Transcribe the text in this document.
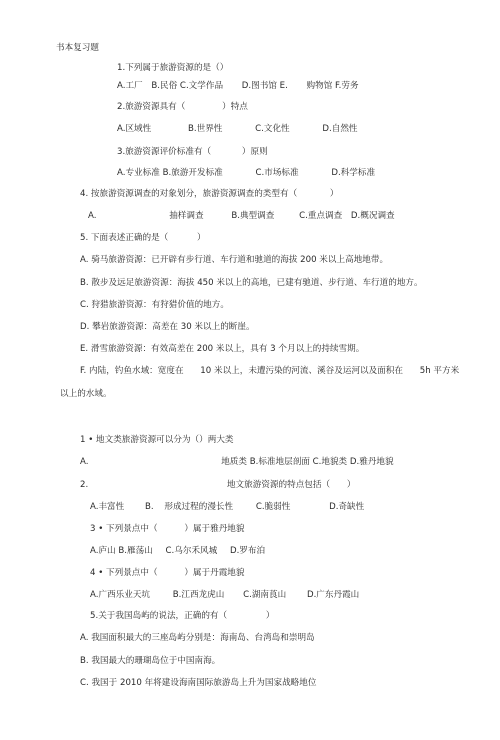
书本复习题
1.下列属于旅游资源的是（）
A.工厂 B.民俗 C.文学作品 D.图书馆 E. 购物馆 F.劳务
2.旅游资源具有（	）特点
A.区域性	B.世界性	C.文化性	D.自然性
3.旅游资源评价标准有（	）原则
A.专业标准 B.旅游开发标准	C.市场标准	D.科学标准
4. 按旅游资源调查的对象划分，旅游资源调查的类型有（	）
A.	抽样调查	B.典型调查	C.重点调查 D.概况调查
5. 下面表述正确的是（	）
A. 骑马旅游资源：已开辟有步行道、车行道和驰道的海拔 200 米以上高地地带。
B. 散步及远足旅游资源：海拔 450 米以上的高地，已建有驰道、步行道、车行道的地方。
C. 狩猎旅游资源：有狩猎价值的地方。
D. 攀岩旅游资源：高差在 30 米以上的断崖。
E. 滑雪旅游资源：有效高差在 200 米以上，具有 3 个月以上的持续雪期。
F. 内陆，钓鱼水域：宽度在 10 米以上，未遭污染的河流、溪谷及运河以及面积在 5h 平方米
以上的水域。
1 • 地文类旅游资源可以分为（）两大类
A.	地质类 B.标准地层剖面 C.地貌类 D.雅丹地貌
2.	地文旅游资源的特点包括（ ）
A.丰富性 B. 形成过程的漫长性	C.脆弱性	D.奇缺性
3 • 下列景点中（	）属于雅丹地貌
A.庐山 B.雁荡山 C.乌尔禾风城 D.罗布泊
4 • 下列景点中（	）属于丹霞地貌
A.广西乐业天坑	B.江西龙虎山 C.湖南莨山 D.广东丹霞山
5.关于我国岛屿的说法，正确的有（	）
A. 我国面积最大的三座岛屿分别是：海南岛、台湾岛和崇明岛
B. 我国最大的珊瑚岛位于中国南海。
C. 我国于 2010 年将建设海南国际旅游岛上升为国家战略地位
